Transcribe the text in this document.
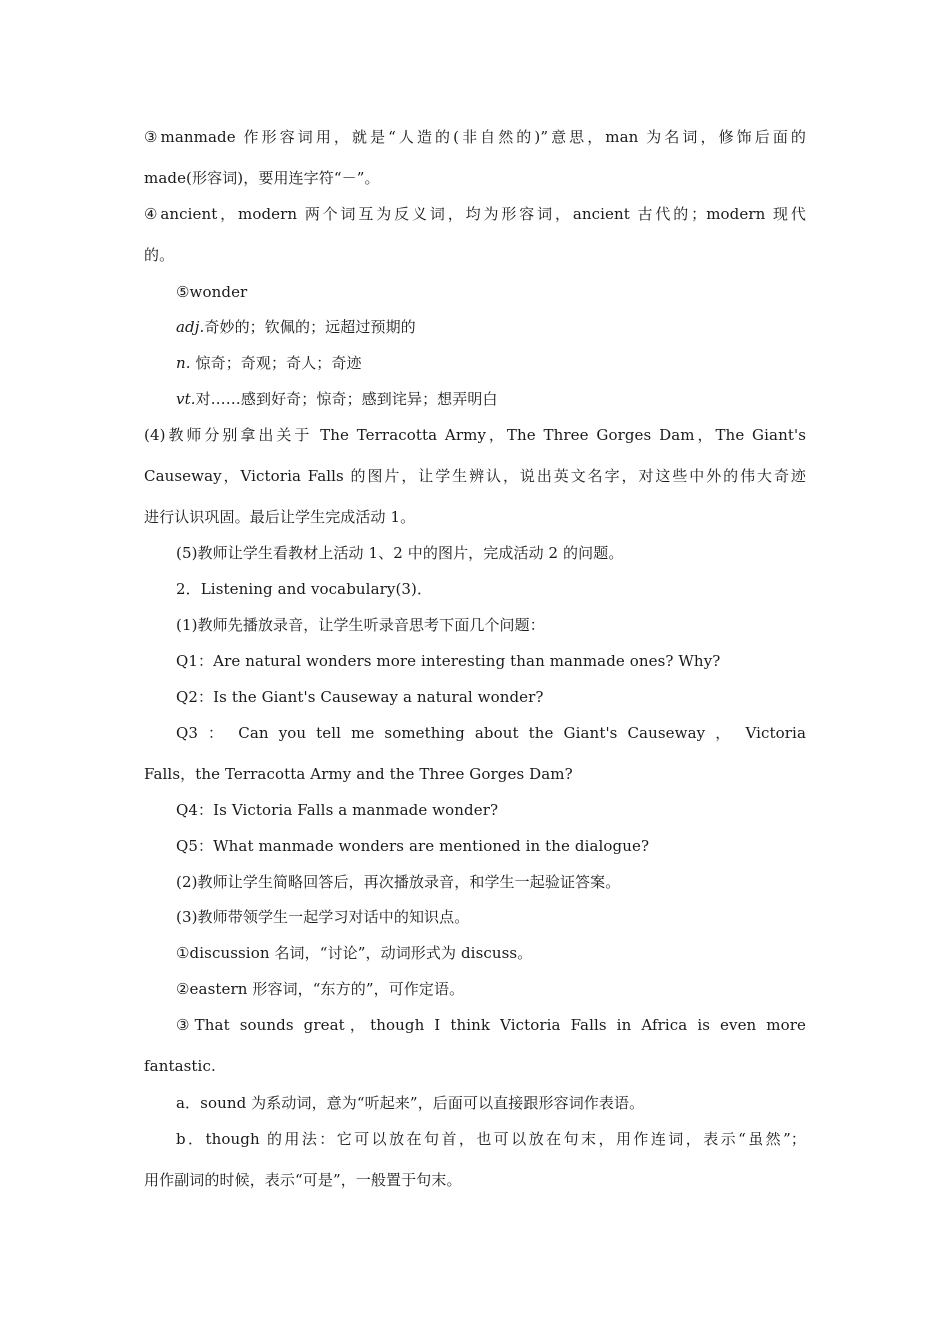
③manmade 作形容词用，就是“人造的(非自然的)”意思，man 为名词，修饰后面的

made(形容词)，要用连字符“－”。

④ancient，modern 两个词互为反义词，均为形容词，ancient 古代的；modern 现代

的。

⑤wonder

adj.奇妙的；钦佩的；远超过预期的

n. 惊奇；奇观；奇人；奇迹

vt.对……感到好奇；惊奇；感到诧异；想弄明白

(4)教师分别拿出关于 The Terracotta Army，The Three Gorges Dam，The Giant's

Causeway，Victoria Falls 的图片，让学生辨认，说出英文名字，对这些中外的伟大奇迹

进行认识巩固。最后让学生完成活动 1。

(5)教师让学生看教材上活动 1、2 中的图片，完成活动 2 的问题。

2．Listening and vocabulary(3)．

(1)教师先播放录音，让学生听录音思考下面几个问题：

Q1：Are natural wonders more interesting than manmade ones? Why?

Q2：Is the Giant's Causeway a natural wonder?

Q3 ： Can you tell me something about the Giant's Causeway ， Victoria

Falls，the Terracotta Army and the Three Gorges Dam?

Q4：Is Victoria Falls a manmade wonder?

Q5：What manmade wonders are mentioned in the dialogue?

(2)教师让学生简略回答后，再次播放录音，和学生一起验证答案。

(3)教师带领学生一起学习对话中的知识点。

①discussion 名词，“讨论”，动词形式为 discuss。

②eastern 形容词，“东方的”，可作定语。

③That sounds great，though I think Victoria Falls in Africa is even more

fantastic.

a．sound 为系动词，意为“听起来”，后面可以直接跟形容词作表语。

b．though 的用法：它可以放在句首，也可以放在句末，用作连词，表示“虽然”；

用作副词的时候，表示“可是”，一般置于句末。
